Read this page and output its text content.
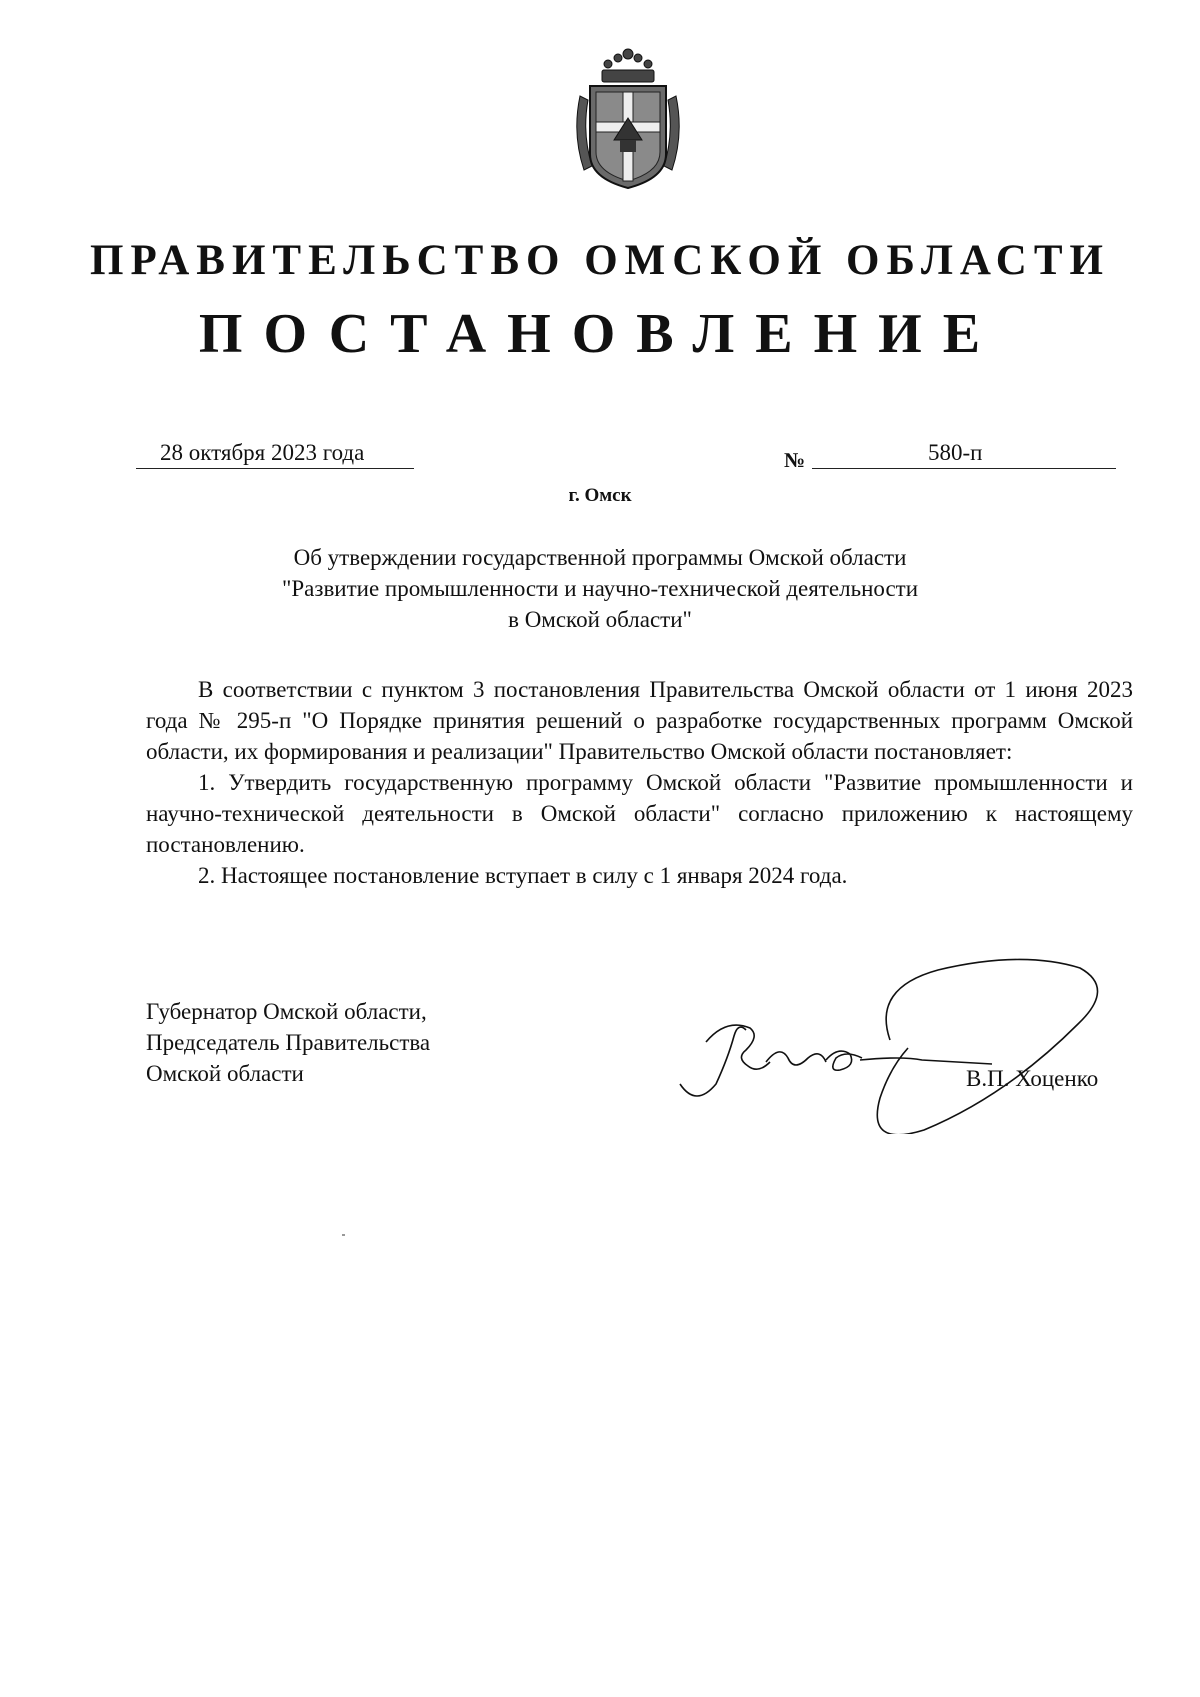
ПРАВИТЕЛЬСТВО ОМСКОЙ ОБЛАСТИ
ПОСТАНОВЛЕНИЕ
28 октября 2023 года	№	580-п
г. Омск
Об утверждении государственной программы Омской области
"Развитие промышленности и научно-технической деятельности
в Омской области"

В соответствии с пунктом 3 постановления Правительства Омской области от 1 июня 2023 года № 295-п "О Порядке принятия решений о разработке государственных программ Омской области, их формирования и реализации" Правительство Омской области постановляет:

1. Утвердить государственную программу Омской области "Развитие промышленности и научно-технической деятельности в Омской области" согласно приложению к настоящему постановлению.

2. Настоящее постановление вступает в силу с 1 января 2024 года.

Губернатор Омской области,
Председатель Правительства
Омской области	В.П. Хоценко
